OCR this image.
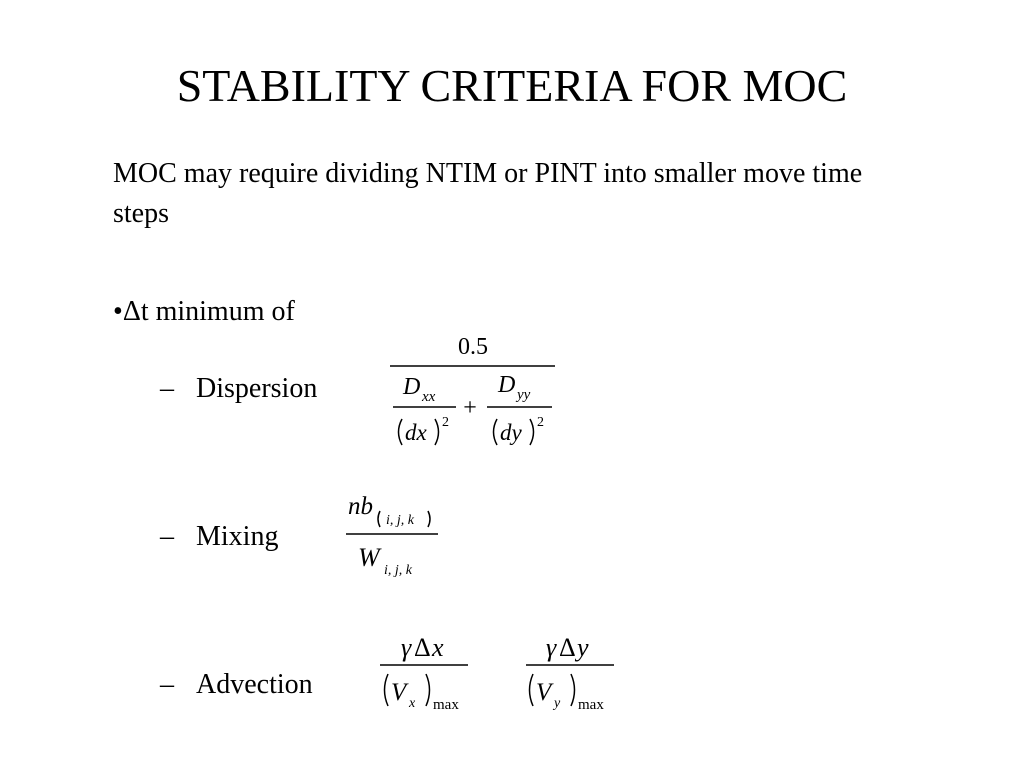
STABILITY CRITERIA FOR MOC
MOC may require dividing NTIM or PINT into smaller move time steps
•Δt minimum of
– Dispersion
– Mixing
– Advection
0.5
D xx
dx 2
+
D yy
dy 2
nb
i, j, k
W i, j, k
γ Δ x
V x max
γ Δ y
V y max
